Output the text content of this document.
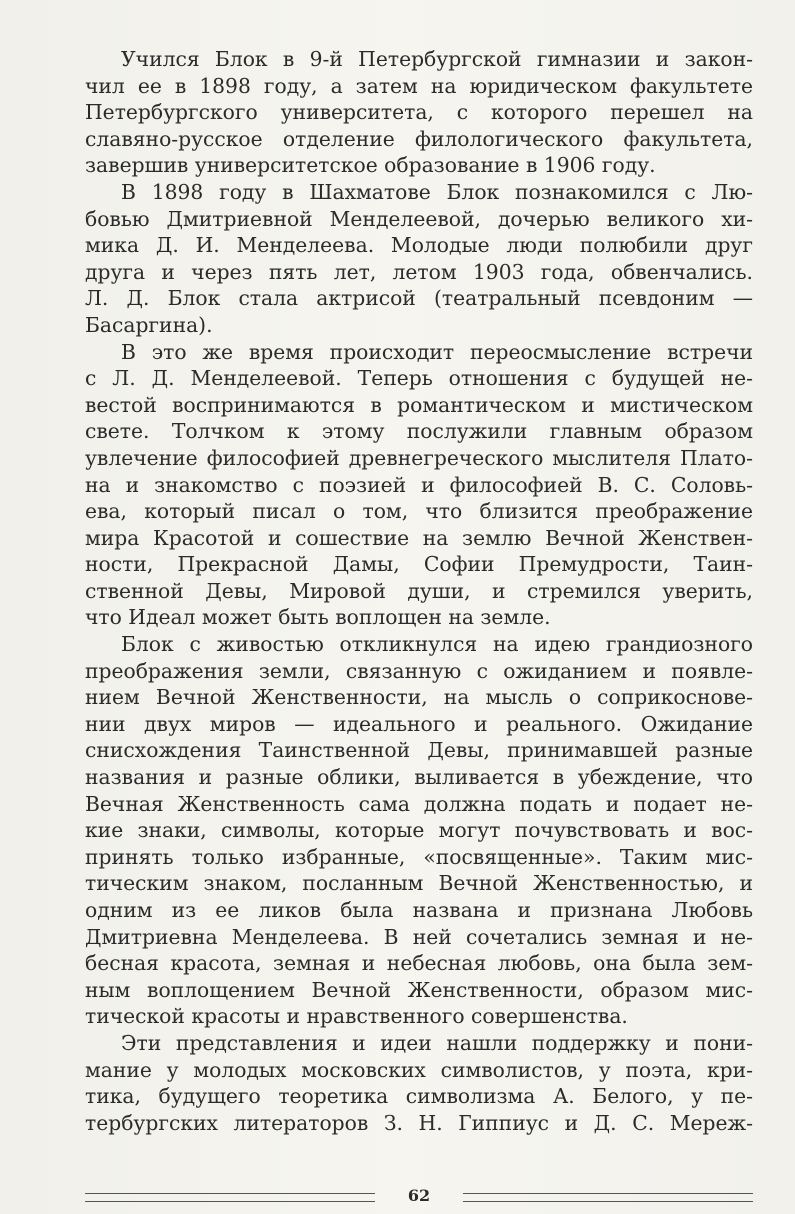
Учился Блок в 9-й Петербургской гимназии и закон-
чил ее в 1898 году, а затем на юридическом факультете
Петербургского университета, с которого перешел на
славяно-русское отделение филологического факультета,
завершив университетское образование в 1906 году.
В 1898 году в Шахматове Блок познакомился с Лю-
бовью Дмитриевной Менделеевой, дочерью великого хи-
мика Д. И. Менделеева. Молодые люди полюбили друг
друга и через пять лет, летом 1903 года, обвенчались.
Л. Д. Блок стала актрисой (театральный псевдоним —
Басаргина).
В это же время происходит переосмысление встречи
с Л. Д. Менделеевой. Теперь отношения с будущей не-
вестой воспринимаются в романтическом и мистическом
свете. Толчком к этому послужили главным образом
увлечение философией древнегреческого мыслителя Плато-
на и знакомство с поэзией и философией В. С. Соловь-
ева, который писал о том, что близится преображение
мира Красотой и сошествие на землю Вечной Женствен-
ности, Прекрасной Дамы, Софии Премудрости, Таин-
ственной Девы, Мировой души, и стремился уверить,
что Идеал может быть воплощен на земле.
Блок с живостью откликнулся на идею грандиозного
преображения земли, связанную с ожиданием и появле-
нием Вечной Женственности, на мысль о соприкоснове-
нии двух миров — идеального и реального. Ожидание
снисхождения Таинственной Девы, принимавшей разные
названия и разные облики, выливается в убеждение, что
Вечная Женственность сама должна подать и подает не-
кие знаки, символы, которые могут почувствовать и вос-
принять только избранные, «посвященные». Таким мис-
тическим знаком, посланным Вечной Женственностью, и
одним из ее ликов была названа и признана Любовь
Дмитриевна Менделеева. В ней сочетались земная и не-
бесная красота, земная и небесная любовь, она была зем-
ным воплощением Вечной Женственности, образом мис-
тической красоты и нравственного совершенства.
Эти представления и идеи нашли поддержку и пони-
мание у молодых московских символистов, у поэта, кри-
тика, будущего теоретика символизма А. Белого, у пе-
тербургских литераторов З. Н. Гиппиус и Д. С. Мереж-
62
